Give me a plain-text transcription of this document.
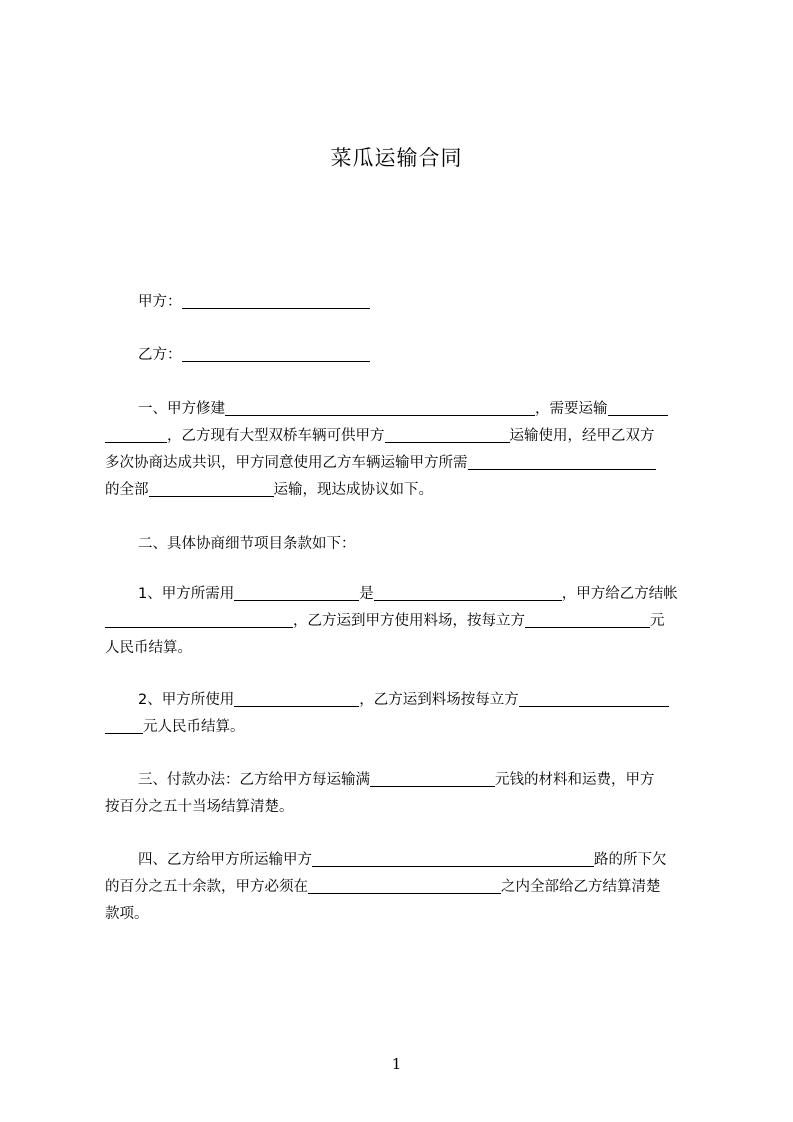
菜瓜运输合同
甲方：
乙方：
一、甲方修建	，需要运输
，乙方现有大型双桥车辆可供甲方	运输使用，经甲乙双方
多次协商达成共识，甲方同意使用乙方车辆运输甲方所需
的全部	运输，现达成协议如下。
二、具体协商细节项目条款如下：
1、甲方所需用	是	，甲方给乙方结帐
，乙方运到甲方使用料场，按每立方	元
人民币结算。
2、甲方所使用	，乙方运到料场按每立方
元人民币结算。
三、付款办法：乙方给甲方每运输满	元钱的材料和运费，甲方
按百分之五十当场结算清楚。
四、乙方给甲方所运输甲方	路的所下欠
的百分之五十余款，甲方必须在	之内全部给乙方结算清楚
款项。
1
